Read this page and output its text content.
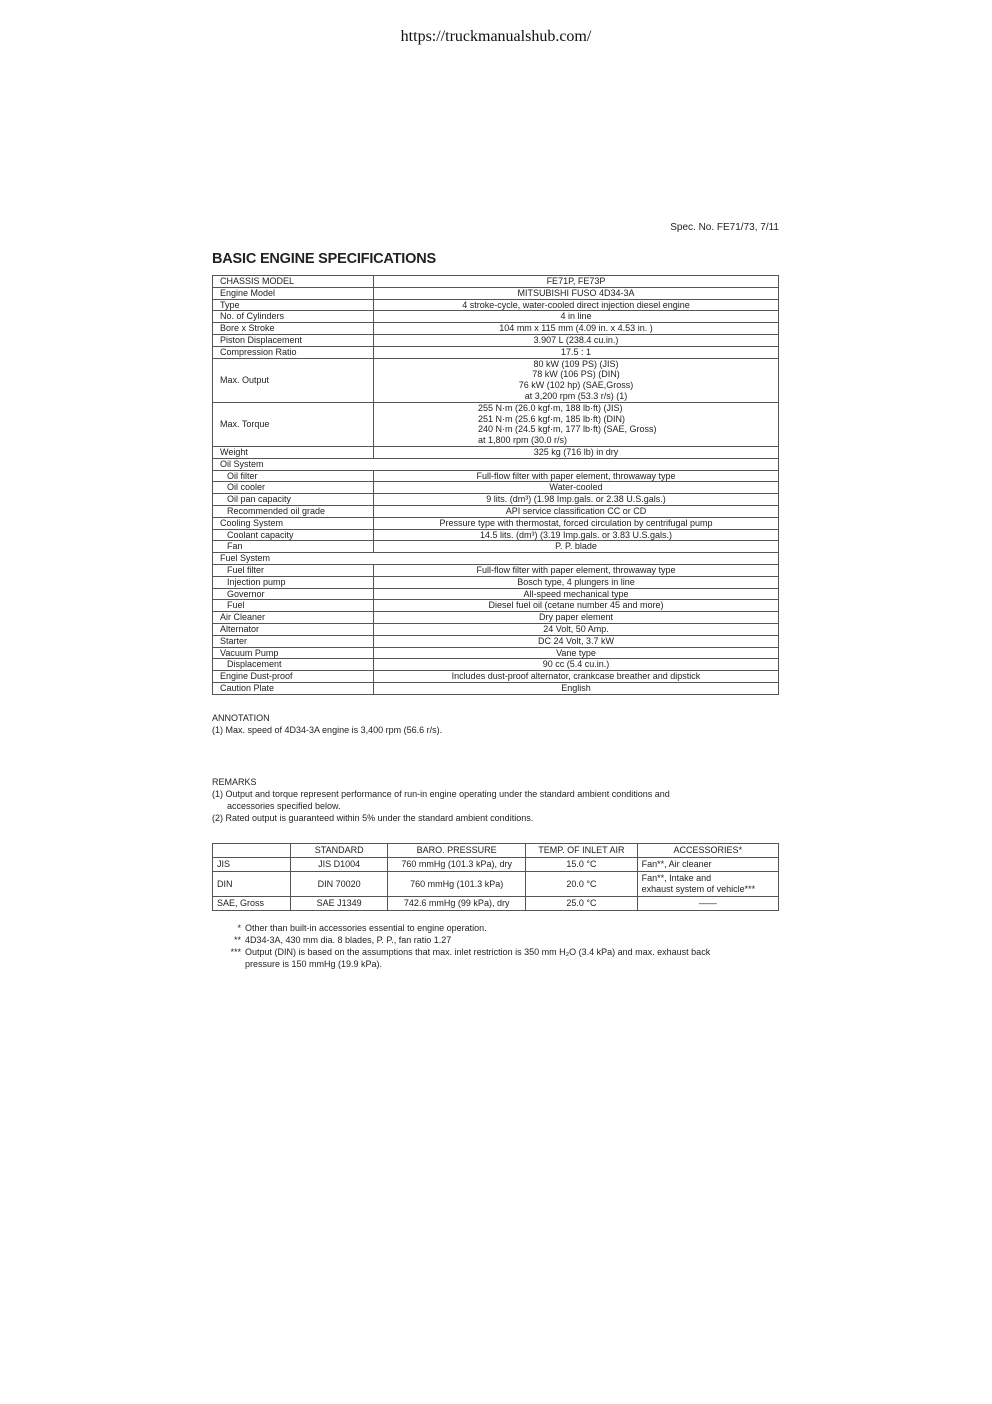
https://truckmanualshub.com/
Spec. No. FE71/73, 7/11
BASIC ENGINE SPECIFICATIONS
CHASSIS MODEL	FE71P, FE73P

Engine Model	MITSUBISHI FUSO 4D34-3A

Type	4 stroke-cycle, water-cooled direct injection diesel engine

No. of Cylinders	4 in line

Bore x Stroke	104 mm x 115 mm (4.09 in. x 4.53 in. )

Piston Displacement	3.907 L (238.4 cu.in.)

Compression Ratio	17.5 : 1

Max. Output	80 kW (109 PS) (JIS)
78 kW (106 PS) (DIN)
76 kW (102 hp) (SAE,Gross)
at 3,200 rpm (53.3 r/s) (1)

Max. Torque	255 N·m (26.0 kgf·m, 188 lb·ft) (JIS)
251 N·m (25.6 kgf·m, 185 lb·ft) (DIN)
240 N·m (24.5 kgf·m, 177 lb·ft) (SAE, Gross)
at 1,800 rpm (30.0 r/s)

Weight	325 kg (716 lb) in dry

Oil System	
Oil filter	Full-flow filter with paper element, throwaway type

Oil cooler	Water-cooled

Oil pan capacity	9 lits. (dm³) (1.98 Imp.gals. or 2.38 U.S.gals.)

Recommended oil grade	API service classification CC or CD

Cooling System	Pressure type with thermostat, forced circulation by centrifugal pump

Coolant capacity	14.5 lits. (dm³) (3.19 Imp.gals. or 3.83 U.S.gals.)

Fan	P. P. blade

Fuel System	
Fuel filter	Full-flow filter with paper element, throwaway type

Injection pump	Bosch type, 4 plungers in line

Governor	All-speed mechanical type

Fuel	Diesel fuel oil (cetane number 45 and more)

Air Cleaner	Dry paper element

Alternator	24 Volt, 50 Amp.

Starter	DC 24 Volt, 3.7 kW

Vacuum Pump	Vane type

Displacement	90 cc (5.4 cu.in.)

Engine Dust-proof	Includes dust-proof alternator, crankcase breather and dipstick

Caution Plate	English

ANNOTATION

(1) Max. speed of 4D34-3A engine is 3,400 rpm (56.6 r/s).

REMARKS

(1) Output and torque represent performance of run-in engine operating under the standard ambient conditions and

accessories specified below.

(2) Rated output is guaranteed within 5% under the standard ambient conditions.

	STANDARD	BARO. PRESSURE	TEMP. OF INLET AIR	ACCESSORIES*
JIS	JIS D1004	760 mmHg (101.3 kPa), dry	15.0 °C	Fan**, Air cleaner
DIN	DIN 70020	760 mmHg (101.3 kPa)	20.0 °C	Fan**, Intake and
exhaust system of vehicle***
SAE, Gross	SAE J1349	742.6 mmHg (99 kPa), dry	25.0 °C	——
* Other than built-in accessories essential to engine operation.
** 4D34-3A, 430 mm dia. 8 blades, P. P., fan ratio 1.27
*** Output (DIN) is based on the assumptions that max. inlet restriction is 350 mm H₂O (3.4 kPa) and max. exhaust back
pressure is 150 mmHg (19.9 kPa).
